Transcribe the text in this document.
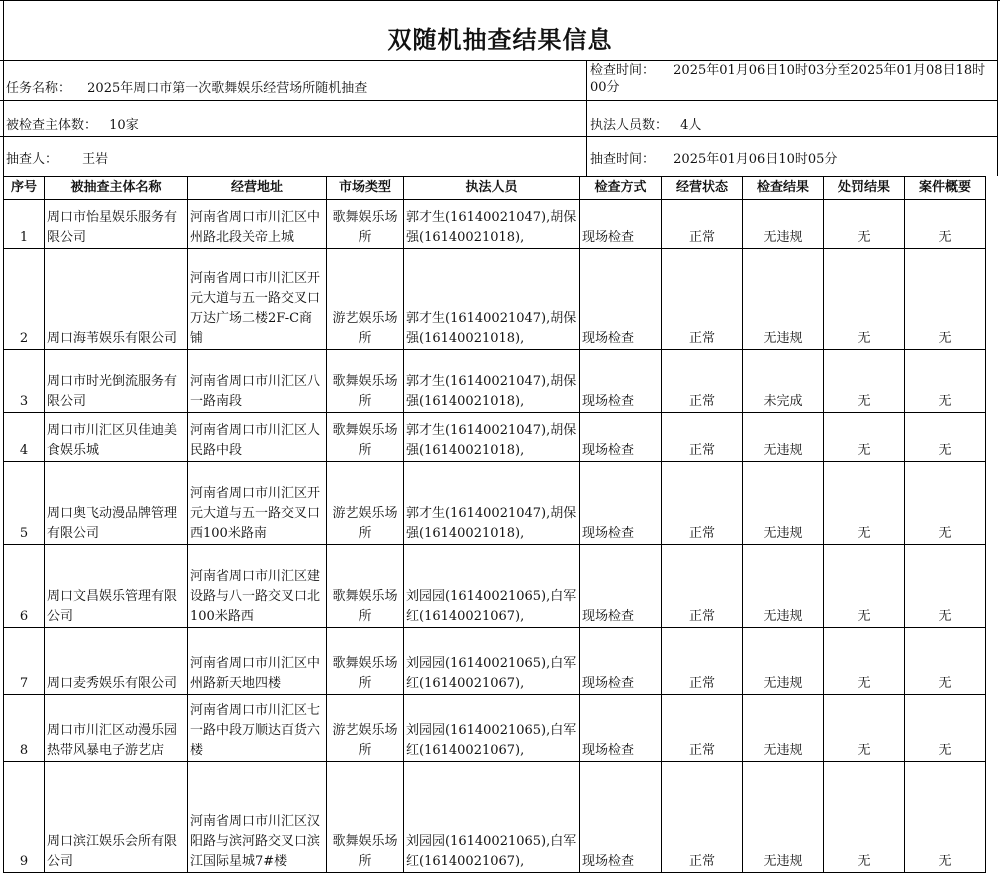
双随机抽查结果信息
任务名称： 2025年周口市第一次歌舞娱乐经营场所随机抽查
检查时间： 2025年01月06日10时03分至2025年01月08日18时00分
被检查主体数： 10家	执法人员数： 4人
抽查人： 王岩	抽查时间： 2025年01月06日10时05分
序号	被抽查主体名称	经营地址	市场类型	执法人员	检查方式	经营状态	检查结果	处罚结果	案件概要

1	周口市怡星娱乐服务有限公司	河南省周口市川汇区中州路北段关帝上城	歌舞娱乐场所	郭才生(16140021047),胡保强(16140021018),	现场检查	正常	无违规	无	无

2	周口海苇娱乐有限公司	河南省周口市川汇区开元大道与五一路交叉口万达广场二楼2F-C商铺	游艺娱乐场所	郭才生(16140021047),胡保强(16140021018),	现场检查	正常	无违规	无	无

3	周口市时光倒流服务有限公司	河南省周口市川汇区八一路南段	歌舞娱乐场所	郭才生(16140021047),胡保强(16140021018),	现场检查	正常	未完成	无	无

4	周口市川汇区贝佳迪美食娱乐城	河南省周口市川汇区人民路中段	歌舞娱乐场所	郭才生(16140021047),胡保强(16140021018),	现场检查	正常	无违规	无	无

5	周口奥飞动漫品牌管理有限公司	河南省周口市川汇区开元大道与五一路交叉口西100米路南	游艺娱乐场所	郭才生(16140021047),胡保强(16140021018),	现场检查	正常	无违规	无	无

6	周口文昌娱乐管理有限公司	河南省周口市川汇区建设路与八一路交叉口北100米路西	歌舞娱乐场所	刘园园(16140021065),白军红(16140021067),	现场检查	正常	无违规	无	无

7	周口麦秀娱乐有限公司	河南省周口市川汇区中州路新天地四楼	歌舞娱乐场所	刘园园(16140021065),白军红(16140021067),	现场检查	正常	无违规	无	无

8	周口市川汇区动漫乐园热带风暴电子游艺店	河南省周口市川汇区七一路中段万顺达百货六楼	游艺娱乐场所	刘园园(16140021065),白军红(16140021067),	现场检查	正常	无违规	无	无

9	周口滨江娱乐会所有限公司	河南省周口市川汇区汉阳路与滨河路交叉口滨江国际星城7#楼	歌舞娱乐场所	刘园园(16140021065),白军红(16140021067),	现场检查	正常	无违规	无	无
